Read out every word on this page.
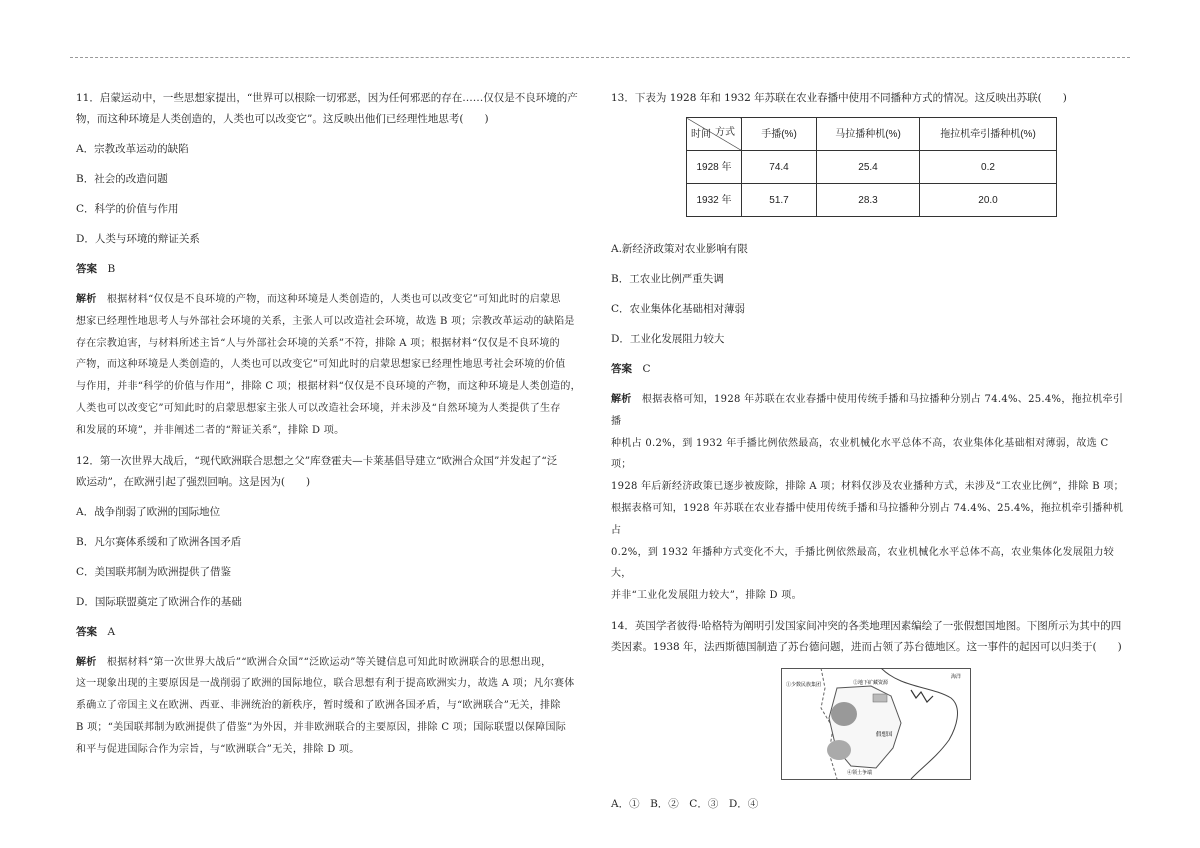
11．启蒙运动中，一些思想家提出，“世界可以根除一切邪恶，因为任何邪恶的存在……仅仅是不良环境的产

物，而这种环境是人类创造的，人类也可以改变它”。这反映出他们已经理性地思考(　　)

A．宗教改革运动的缺陷

B．社会的改造问题

C．科学的价值与作用

D．人类与环境的辩证关系

答案　 B

解析　 根据材料“仅仅是不良环境的产物，而这种环境是人类创造的，人类也可以改变它”可知此时的启蒙思

想家已经理性地思考人与外部社会环境的关系，主张人可以改造社会环境，故选 B 项；宗教改革运动的缺陷是

存在宗教迫害，与材料所述主旨“人与外部社会环境的关系”不符，排除 A 项；根据材料“仅仅是不良环境的

产物，而这种环境是人类创造的，人类也可以改变它”可知此时的启蒙思想家已经理性地思考社会环境的价值

与作用，并非“科学的价值与作用”，排除 C 项；根据材料“仅仅是不良环境的产物，而这种环境是人类创造的，

人类也可以改变它”可知此时的启蒙思想家主张人可以改造社会环境，并未涉及“自然环境为人类提供了生存

和发展的环境”，并非阐述二者的“辩证关系”，排除 D 项。

12．第一次世界大战后，“现代欧洲联合思想之父”库登霍夫—卡莱基倡导建立“欧洲合众国”并发起了“泛

欧运动”，在欧洲引起了强烈回响。这是因为(　　)

A．战争削弱了欧洲的国际地位

B．凡尔赛体系缓和了欧洲各国矛盾

C．美国联邦制为欧洲提供了借鉴

D．国际联盟奠定了欧洲合作的基础

答案　 A

解析　 根据材料“第一次世界大战后”“欧洲合众国”“泛欧运动”等关键信息可知此时欧洲联合的思想出现，

这一现象出现的主要原因是一战削弱了欧洲的国际地位，联合思想有利于提高欧洲实力，故选 A 项；凡尔赛体

系确立了帝国主义在欧洲、西亚、非洲统治的新秩序，暂时缓和了欧洲各国矛盾，与“欧洲联合”无关，排除

B 项；“美国联邦制为欧洲提供了借鉴”为外因，并非欧洲联合的主要原因，排除 C 项；国际联盟以保障国际

和平与促进国际合作为宗旨，与“欧洲联合”无关，排除 D 项。

13．下表为 1928 年和 1932 年苏联在农业春播中使用不同播种方式的情况。这反映出苏联(　　)

方式
时间	手播(%)	马拉播种机(%)	拖拉机牵引播种机(%)
1928 年	74.4	25.4	0.2
1932 年	51.7	28.3	20.0

A.新经济政策对农业影响有限

B．工农业比例严重失调

C．农业集体化基础相对薄弱

D．工业化发展阻力较大

答案　 C

解析　 根据表格可知，1928 年苏联在农业春播中使用传统手播和马拉播种分别占 74.4%、25.4%，拖拉机牵引播

种机占 0.2%，到 1932 年手播比例依然最高，农业机械化水平总体不高，农业集体化基础相对薄弱，故选 C 项；

1928 年后新经济政策已逐步被废除，排除 A 项；材料仅涉及农业播种方式，未涉及“工农业比例”，排除 B 项；

根据表格可知，1928 年苏联在农业春播中使用传统手播和马拉播种分别占 74.4%、25.4%，拖拉机牵引播种机占

0.2%，到 1932 年播种方式变化不大，手播比例依然最高，农业机械化水平总体不高，农业集体化发展阻力较大，

并非“工业化发展阻力较大”，排除 D 项。

14．英国学者彼得·哈格特为阐明引发国家间冲突的各类地理因素编绘了一张假想国地图。下图所示为其中的四

类因素。1938 年，法西斯德国制造了苏台德问题，进而占领了苏台德地区。这一事件的起因可以归类于(　　)

①少数民族集团	②地下矿藏资源
海洋
假想国
④领土争端

A．①　B．②　C．③　D．④
